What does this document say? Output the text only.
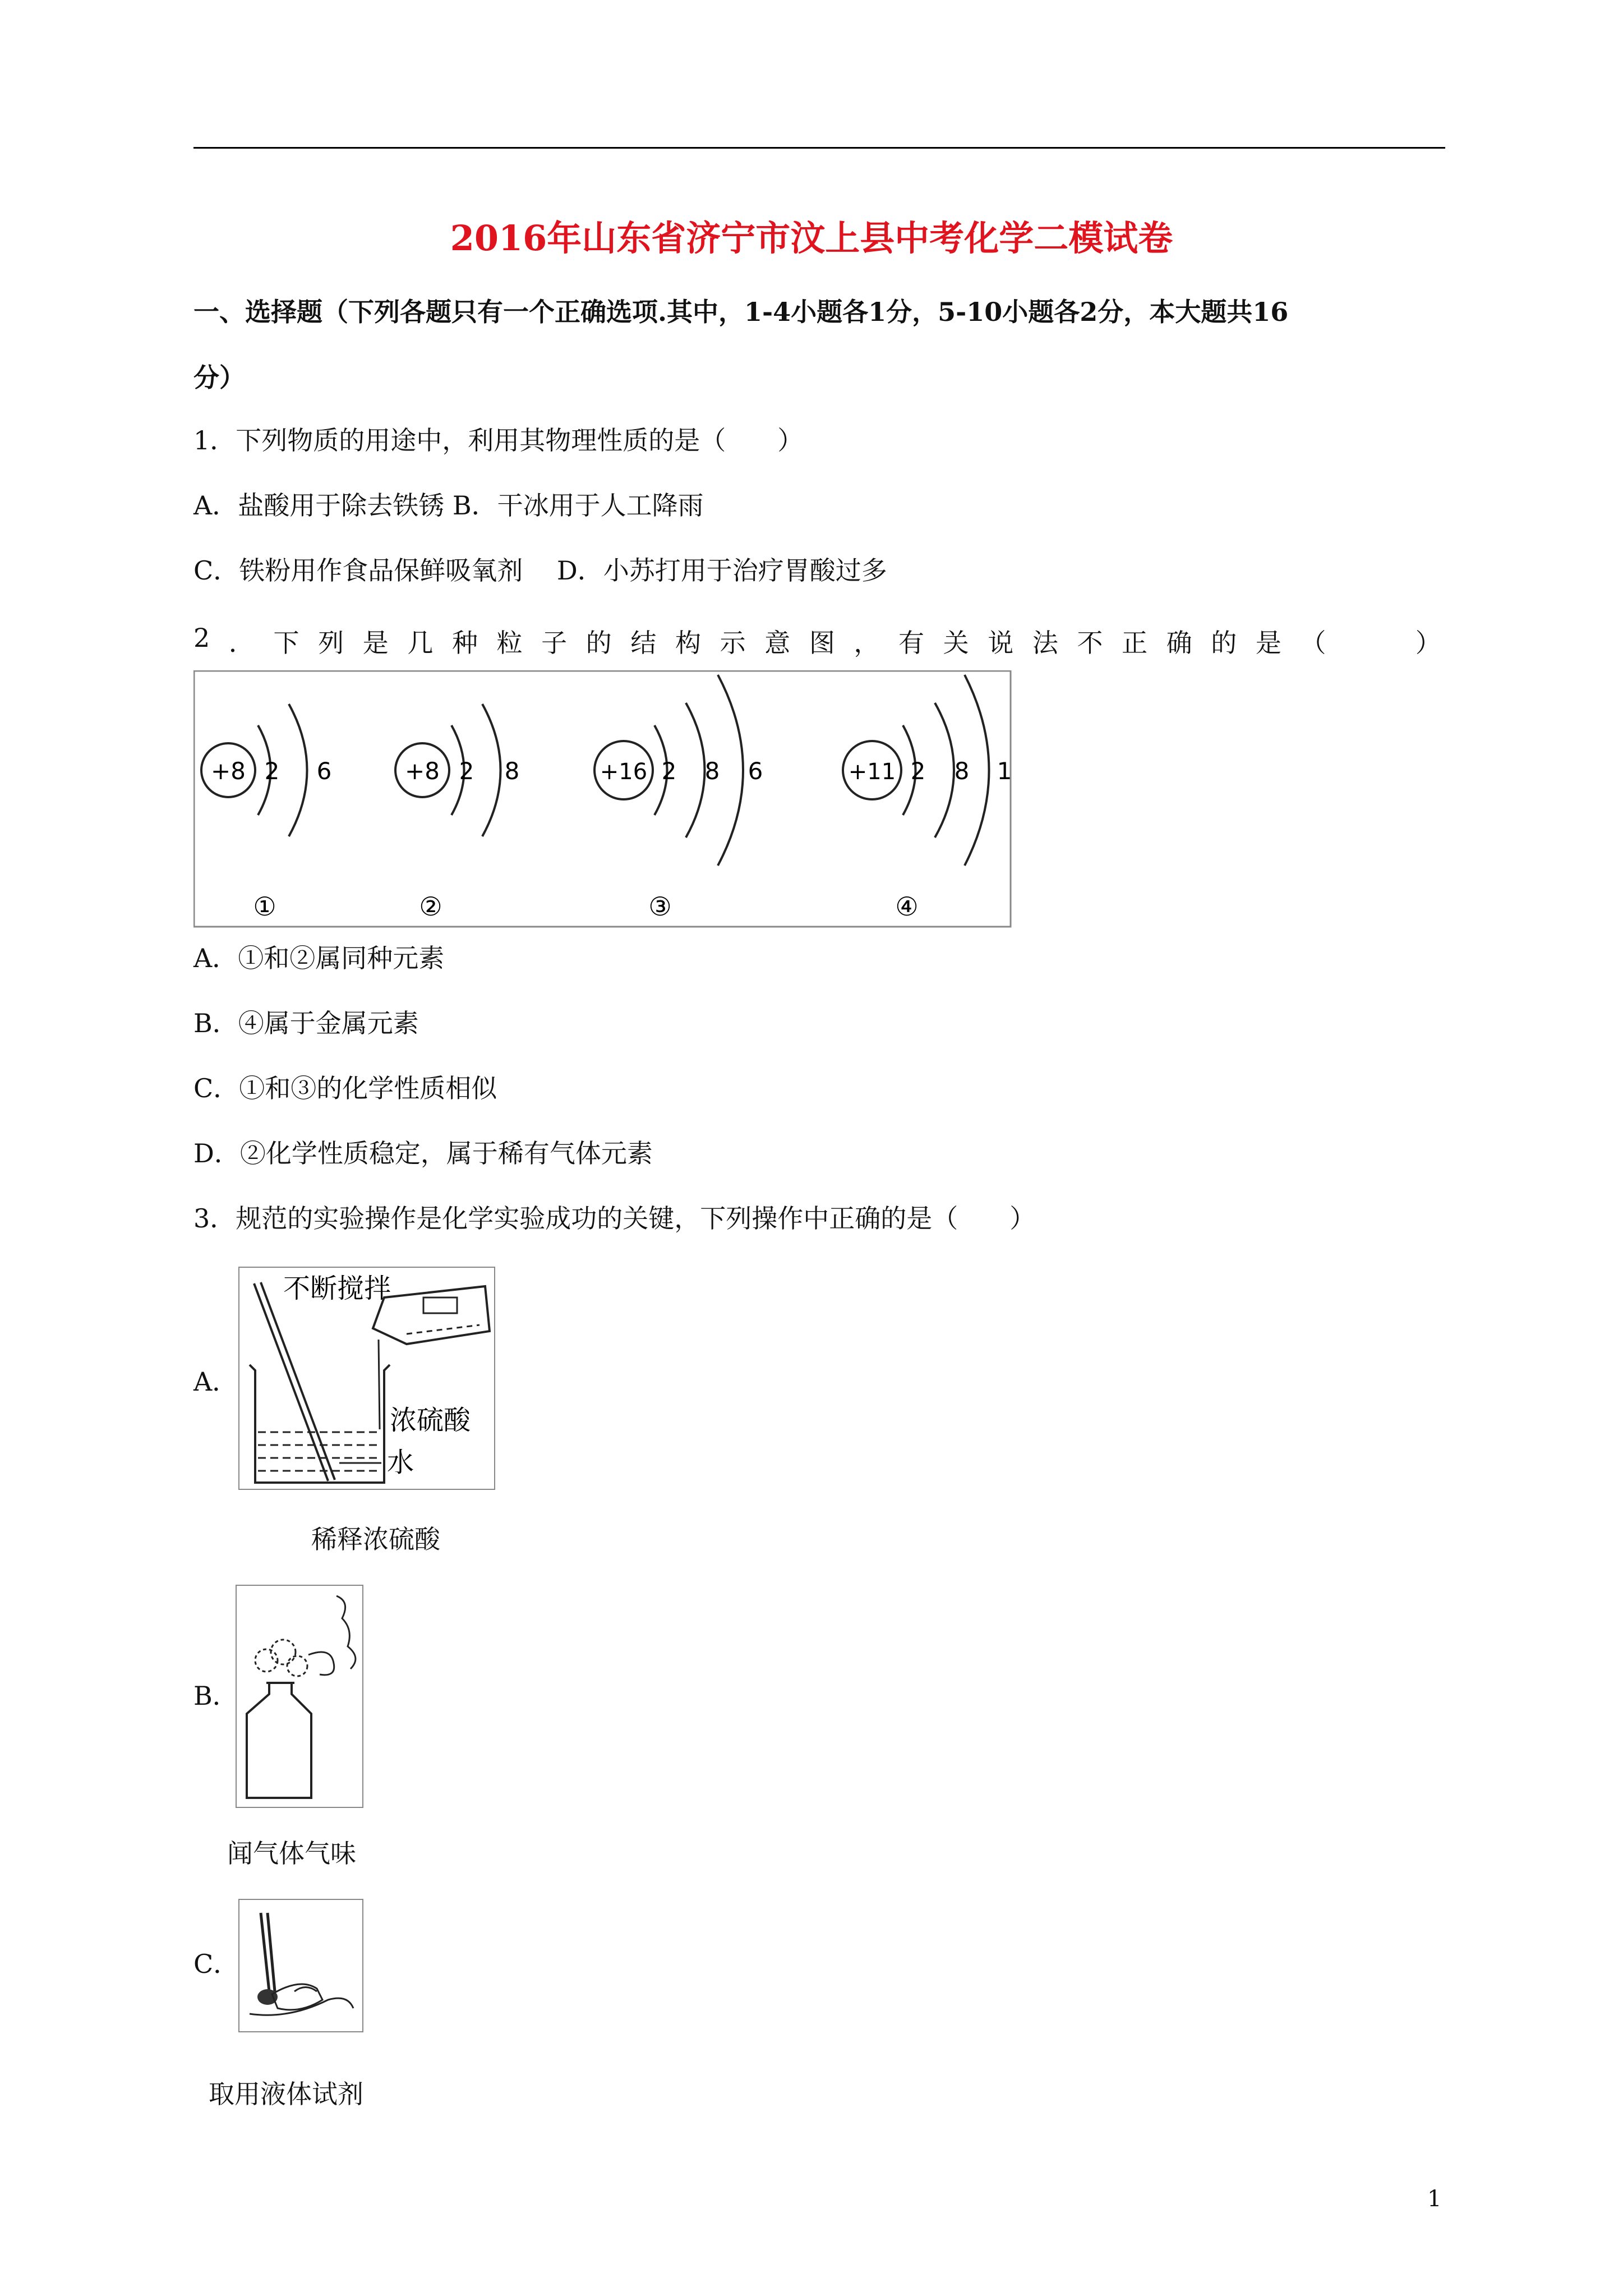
2016年山东省济宁市汶上县中考化学二模试卷
一、选择题（下列各题只有一个正确选项.其中，1-4小题各1分，5-10小题各2分，本大题共16
分）
1．下列物质的用途中，利用其物理性质的是（　　）
A．盐酸用于除去铁锈 B．干冰用于人工降雨
C．铁粉用作食品保鲜吸氧剂　 D．小苏打用于治疗胃酸过多
2 ． 下 列 是 几 种 粒 子 的 结 构 示 意 图 ， 有 关 说 法 不 正 确 的 是 （
　　	）
+8 2 6
①
+8 2 8
②
+16 2 8 6
③
+11 2 8 1
④
A．①和②属同种元素
B．④属于金属元素
C．①和③的化学性质相似
D．②化学性质稳定，属于稀有气体元素
3．规范的实验操作是化学实验成功的关键，下列操作中正确的是（　　）
A．
不断搅拌
浓硫酸
水
稀释浓硫酸
B．
闻气体气味
C．
取用液体试剂
1
